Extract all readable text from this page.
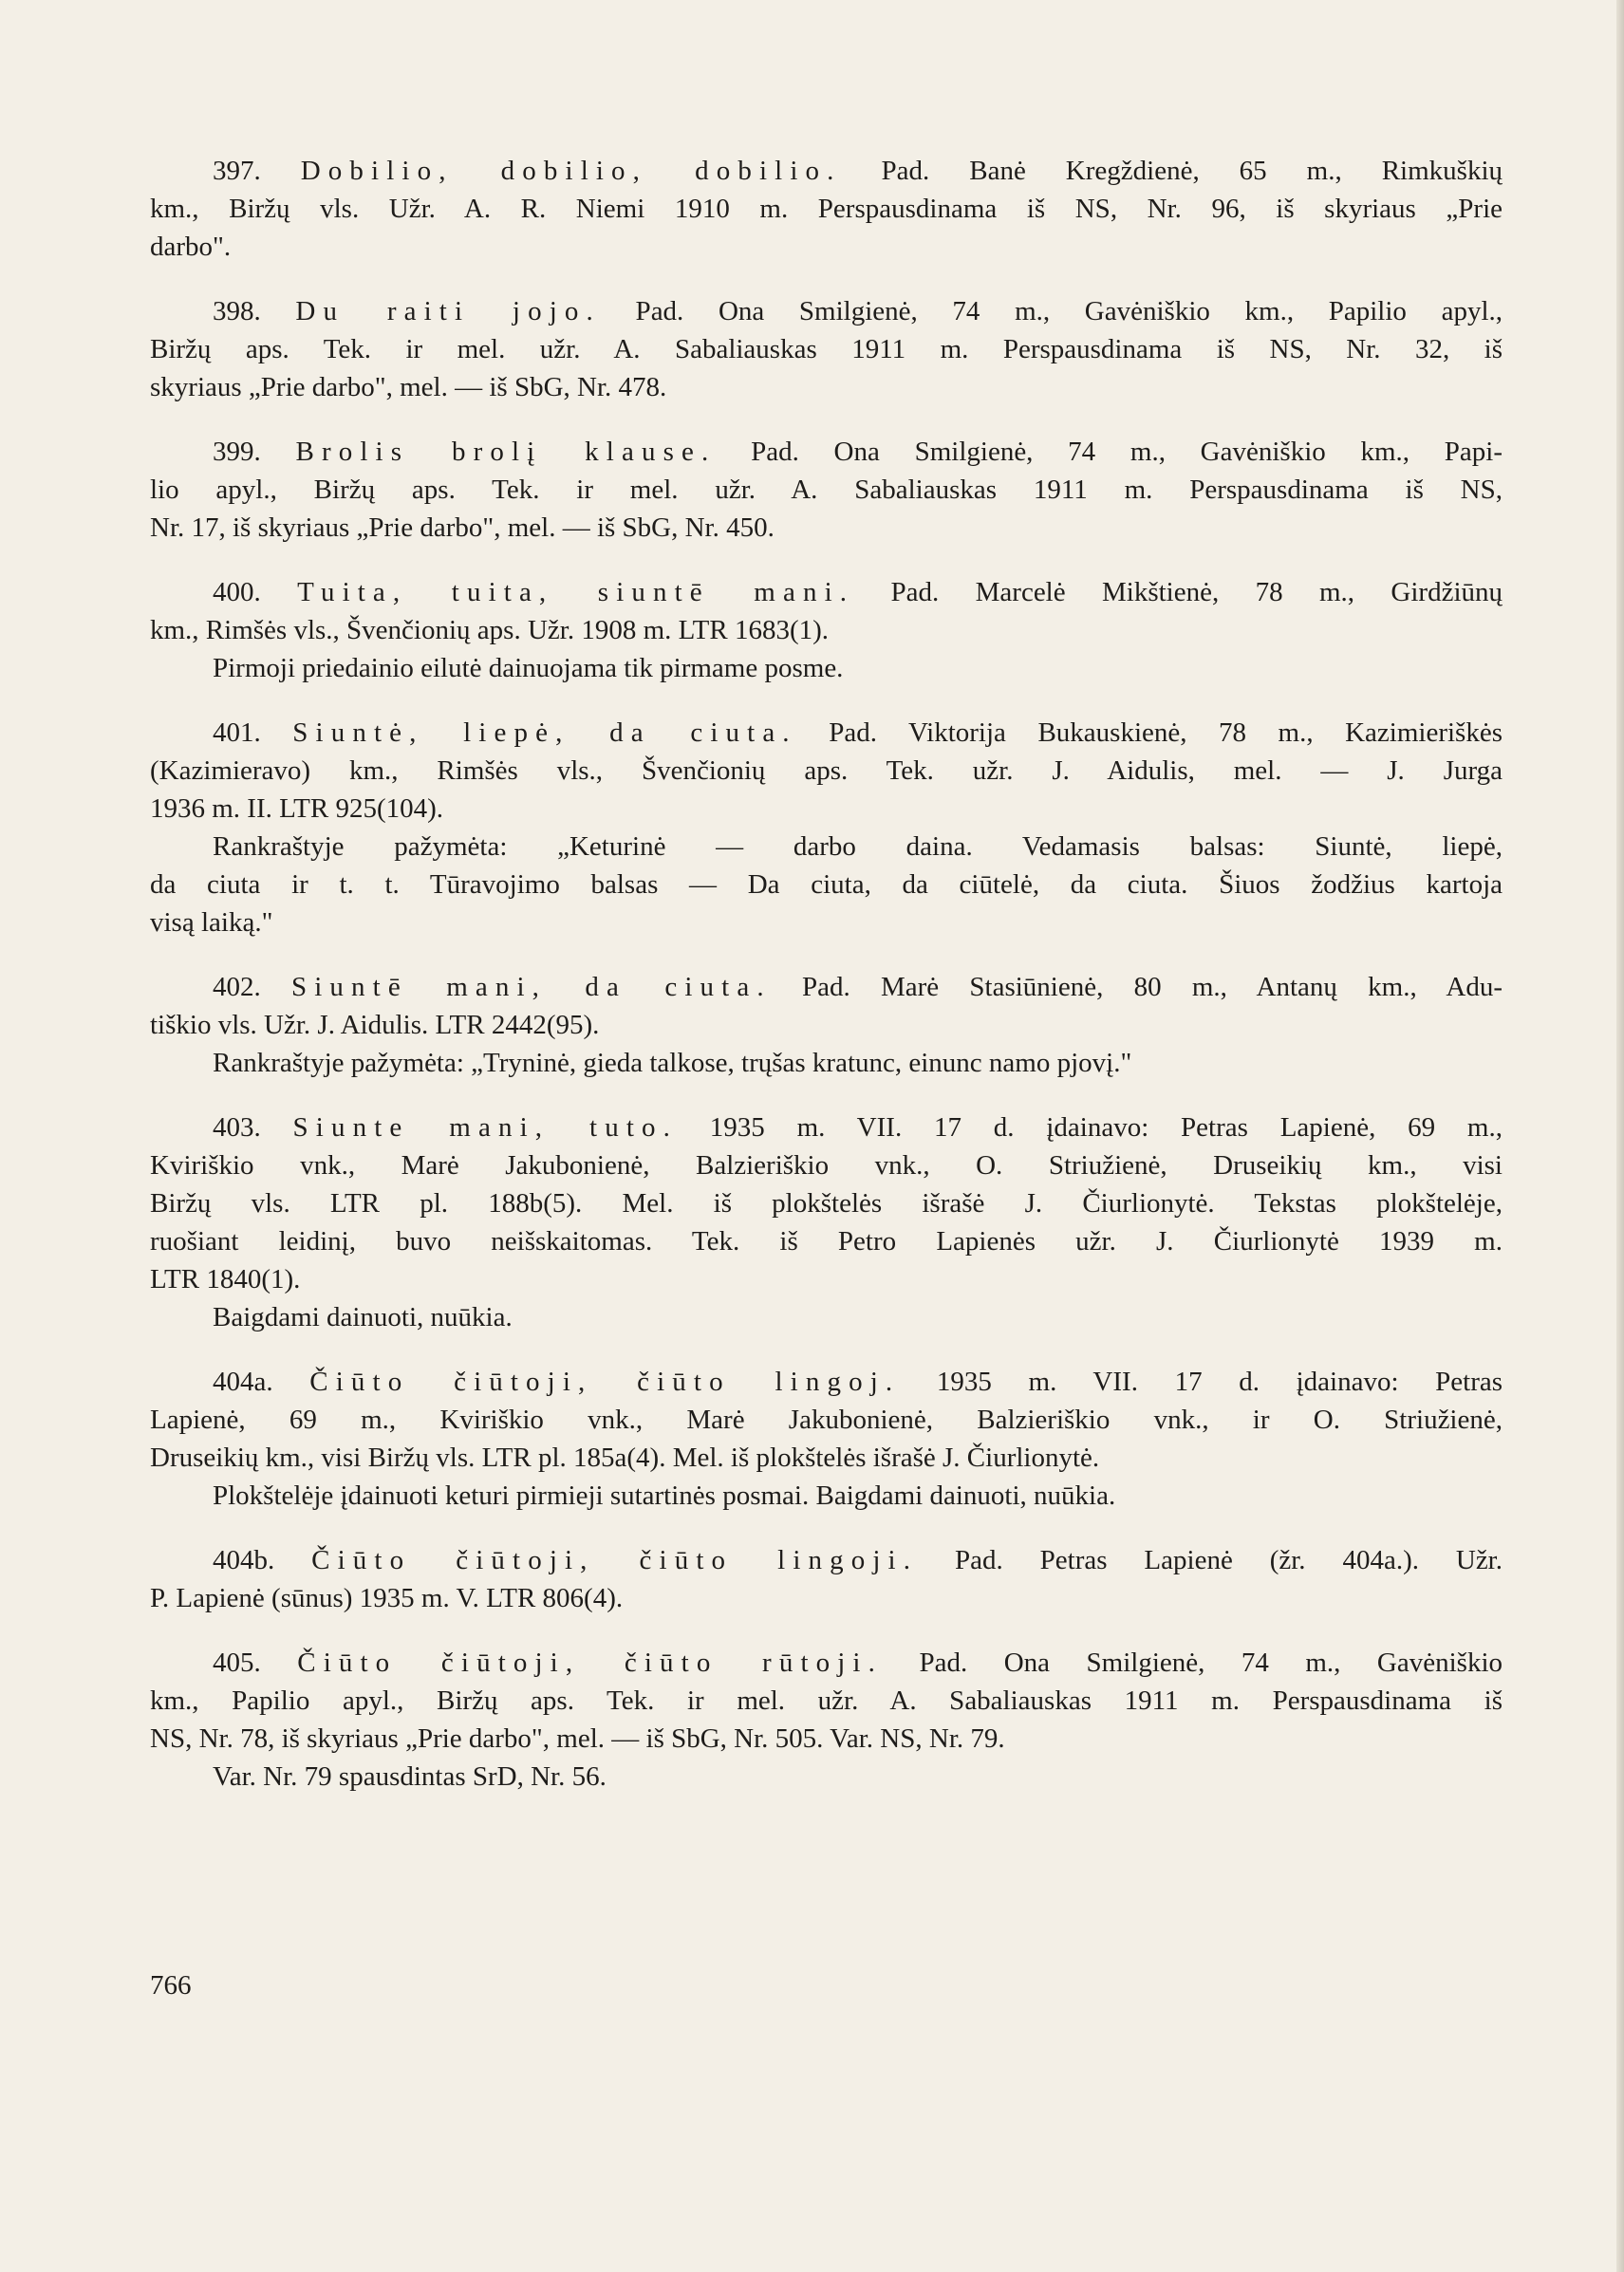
397. Dobilio, dobilio, dobilio. Pad. Banė Kregždienė, 65 m., Rimkuškių
km., Biržų vls. Užr. A. R. Niemi 1910 m. Perspausdinama iš NS, Nr. 96, iš skyriaus „Prie
darbo".
398. Du raiti jojo. Pad. Ona Smilgienė, 74 m., Gavėniškio km., Papilio apyl.,
Biržų aps. Tek. ir mel. užr. A. Sabaliauskas 1911 m. Perspausdinama iš NS, Nr. 32, iš
skyriaus „Prie darbo", mel. — iš SbG, Nr. 478.
399. Brolis brolį klause. Pad. Ona Smilgienė, 74 m., Gavėniškio km., Papi-
lio apyl., Biržų aps. Tek. ir mel. užr. A. Sabaliauskas 1911 m. Perspausdinama iš NS,
Nr. 17, iš skyriaus „Prie darbo", mel. — iš SbG, Nr. 450.
400. Tuita, tuita, siuntē mani. Pad. Marcelė Mikštienė, 78 m., Girdžiūnų
km., Rimšės vls., Švenčionių aps. Užr. 1908 m. LTR 1683(1).
Pirmoji priedainio eilutė dainuojama tik pirmame posme.
401. Siuntė, liepė, da ciuta. Pad. Viktorija Bukauskienė, 78 m., Kazimieriškės
(Kazimieravo) km., Rimšės vls., Švenčionių aps. Tek. užr. J. Aidulis, mel. — J. Jurga
1936 m. II. LTR 925(104).
Rankraštyje pažymėta: „Keturinė — darbo daina. Vedamasis balsas: Siuntė, liepė,
da ciuta ir t. t. Tūravojimo balsas — Da ciuta, da ciūtelė, da ciuta. Šiuos žodžius kartoja
visą laiką."
402. Siuntē mani, da ciuta. Pad. Marė Stasiūnienė, 80 m., Antanų km., Adu-
tiškio vls. Užr. J. Aidulis. LTR 2442(95).
Rankraštyje pažymėta: „Tryninė, gieda talkose, trųšas kratunc, einunc namo pjovį."
403. Siunte mani, tuto. 1935 m. VII. 17 d. įdainavo: Petras Lapienė, 69 m.,
Kviriškio vnk., Marė Jakubonienė, Balzieriškio vnk., O. Striužienė, Druseikių km., visi
Biržų vls. LTR pl. 188b(5). Mel. iš plokštelės išrašė J. Čiurlionytė. Tekstas plokštelėje,
ruošiant leidinį, buvo neišskaitomas. Tek. iš Petro Lapienės užr. J. Čiurlionytė 1939 m.
LTR 1840(1).
Baigdami dainuoti, nuūkia.
404a. Čiūto čiūtoji, čiūto lingoj. 1935 m. VII. 17 d. įdainavo: Petras
Lapienė, 69 m., Kviriškio vnk., Marė Jakubonienė, Balzieriškio vnk., ir O. Striužienė,
Druseikių km., visi Biržų vls. LTR pl. 185a(4). Mel. iš plokštelės išrašė J. Čiurlionytė.
Plokštelėje įdainuoti keturi pirmieji sutartinės posmai. Baigdami dainuoti, nuūkia.
404b. Čiūto čiūtoji, čiūto lingoji. Pad. Petras Lapienė (žr. 404a.). Užr.
P. Lapienė (sūnus) 1935 m. V. LTR 806(4).
405. Čiūto čiūtoji, čiūto rūtoji. Pad. Ona Smilgienė, 74 m., Gavėniškio
km., Papilio apyl., Biržų aps. Tek. ir mel. užr. A. Sabaliauskas 1911 m. Perspausdinama iš
NS, Nr. 78, iš skyriaus „Prie darbo", mel. — iš SbG, Nr. 505. Var. NS, Nr. 79.
Var. Nr. 79 spausdintas SrD, Nr. 56.
766
